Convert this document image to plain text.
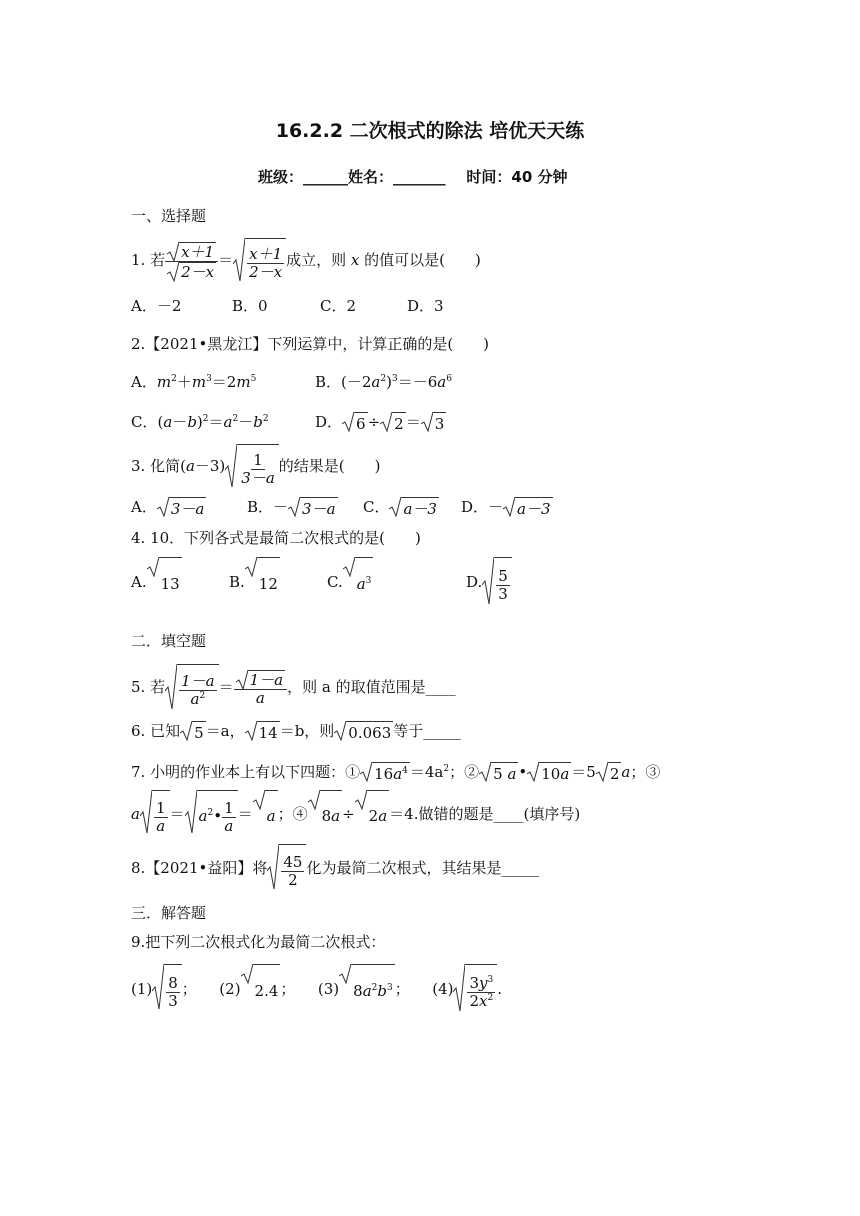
16.2.2 二次根式的除法 培优天天练
班级：______姓名：_______ 时间：40 分钟
一、选择题
1. 若 $\frac{x+1}{2-x} = \frac{x+1}{2-x}$ 成立，则 x 的值可以是(　　)
A．－2	B．0	C．2	D．3
2.【2021•黑龙江】下列运算中，计算正确的是(　　)
A．$m^2+m^3=2m^5$	B．$(-2a^2)^3=-6a^6$
C．$(a-b)^2=a^2-b^2$	D． 6 ÷ 2 ＝ 3
3. 化简$(a-3) \frac{1}{3-a}$ 的结果是(　　)
A． 3－a	B．－ 3－a C． a－3 D．－ a－3
4. 10．下列各式是最简二次根式的是(　　)
A. 13	B. 12	C. $a^3$	D. $\frac{5}{3}$
二．填空题
5. 若 $\frac{1-a}{a^2} = \frac{1-a}{a}$ ，则 a 的取值范围是____
6. 已知 5 ＝a， 14 ＝b，则 0.063 等于_____
7. 小明的作业本上有以下四题：① $16a^4 =4a^2$；② 5 a • 10a ＝5 2 a；③
a $\frac{1}{a}$ ＝ $a^2• \frac{1}{a} = a$ ；④ 8a ÷ 2a ＝4.做错的题是____(填序号)
8.【2021•益阳】将 $\frac{45}{2}$ 化为最简二次根式，其结果是_____
三．解答题
9.把下列二次根式化为最简二次根式：
$(1) \frac{8}{3}$ ；　　(2) 2.4 ；　　(3) $8a^2b^3$ ；　　$(4) \frac{3y^3}{2x^2}$ .
